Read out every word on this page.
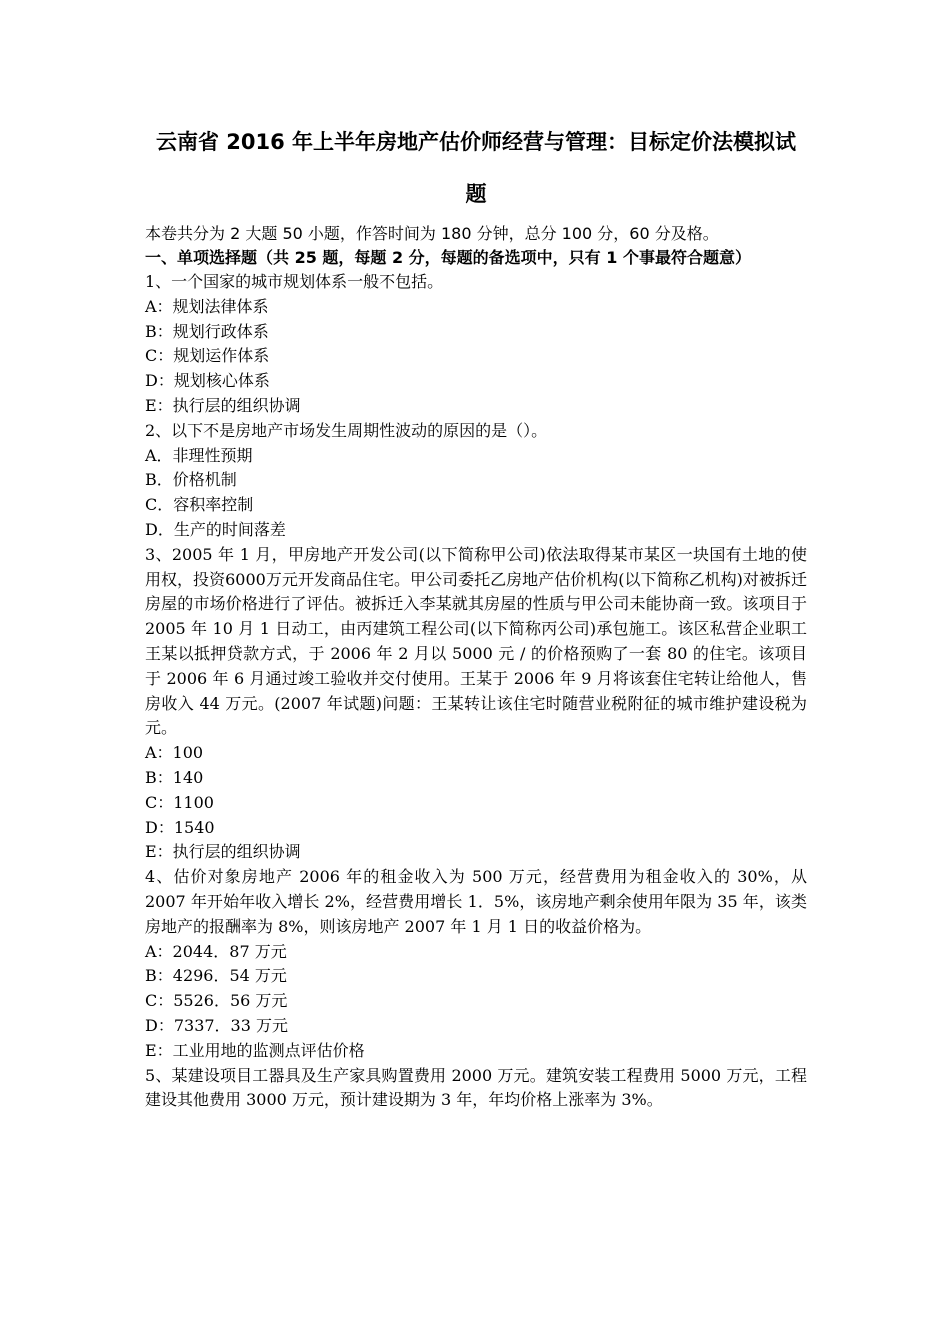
云南省 2016 年上半年房地产估价师经营与管理：目标定价法模拟试
题
本卷共分为 2 大题 50 小题，作答时间为 180 分钟，总分 100 分，60 分及格。
一、单项选择题（共 25 题，每题 2 分，每题的备选项中，只有 1 个事最符合题意）
1、一个国家的城市规划体系一般不包括。
A：规划法律体系
B：规划行政体系
C：规划运作体系
D：规划核心体系
E：执行层的组织协调
2、以下不是房地产市场发生周期性波动的原因的是（）。
A．非理性预期
B．价格机制
C．容积率控制
D．生产的时间落差
3、2005 年 1 月，甲房地产开发公司(以下简称甲公司)依法取得某市某区一块国有土地的使用权，投资6000万元开发商品住宅。甲公司委托乙房地产估价机构(以下简称乙机构)对被拆迁房屋的市场价格进行了评估。被拆迁入李某就其房屋的性质与甲公司未能协商一致。该项目于 2005 年 10 月 1 日动工，由丙建筑工程公司(以下简称丙公司)承包施工。该区私营企业职工王某以抵押贷款方式，于 2006 年 2 月以 5000 元 / 的价格预购了一套 80 的住宅。该项目于 2006 年 6 月通过竣工验收并交付使用。王某于 2006 年 9 月将该套住宅转让给他人，售房收入 44 万元。(2007 年试题)问题：王某转让该住宅时随营业税附征的城市维护建设税为元。
A：100
B：140
C：1100
D：1540
E：执行层的组织协调
4、估价对象房地产 2006 年的租金收入为 500 万元，经营费用为租金收入的 30%，从 2007 年开始年收入增长 2%，经营费用增长 1．5%，该房地产剩余使用年限为 35 年，该类房地产的报酬率为 8%，则该房地产 2007 年 1 月 1 日的收益价格为。
A：2044．87 万元
B：4296．54 万元
C：5526．56 万元
D：7337．33 万元
E：工业用地的监测点评估价格
5、某建设项目工器具及生产家具购置费用 2000 万元。建筑安装工程费用 5000 万元，工程建设其他费用 3000 万元，预计建设期为 3 年，年均价格上涨率为 3%。
